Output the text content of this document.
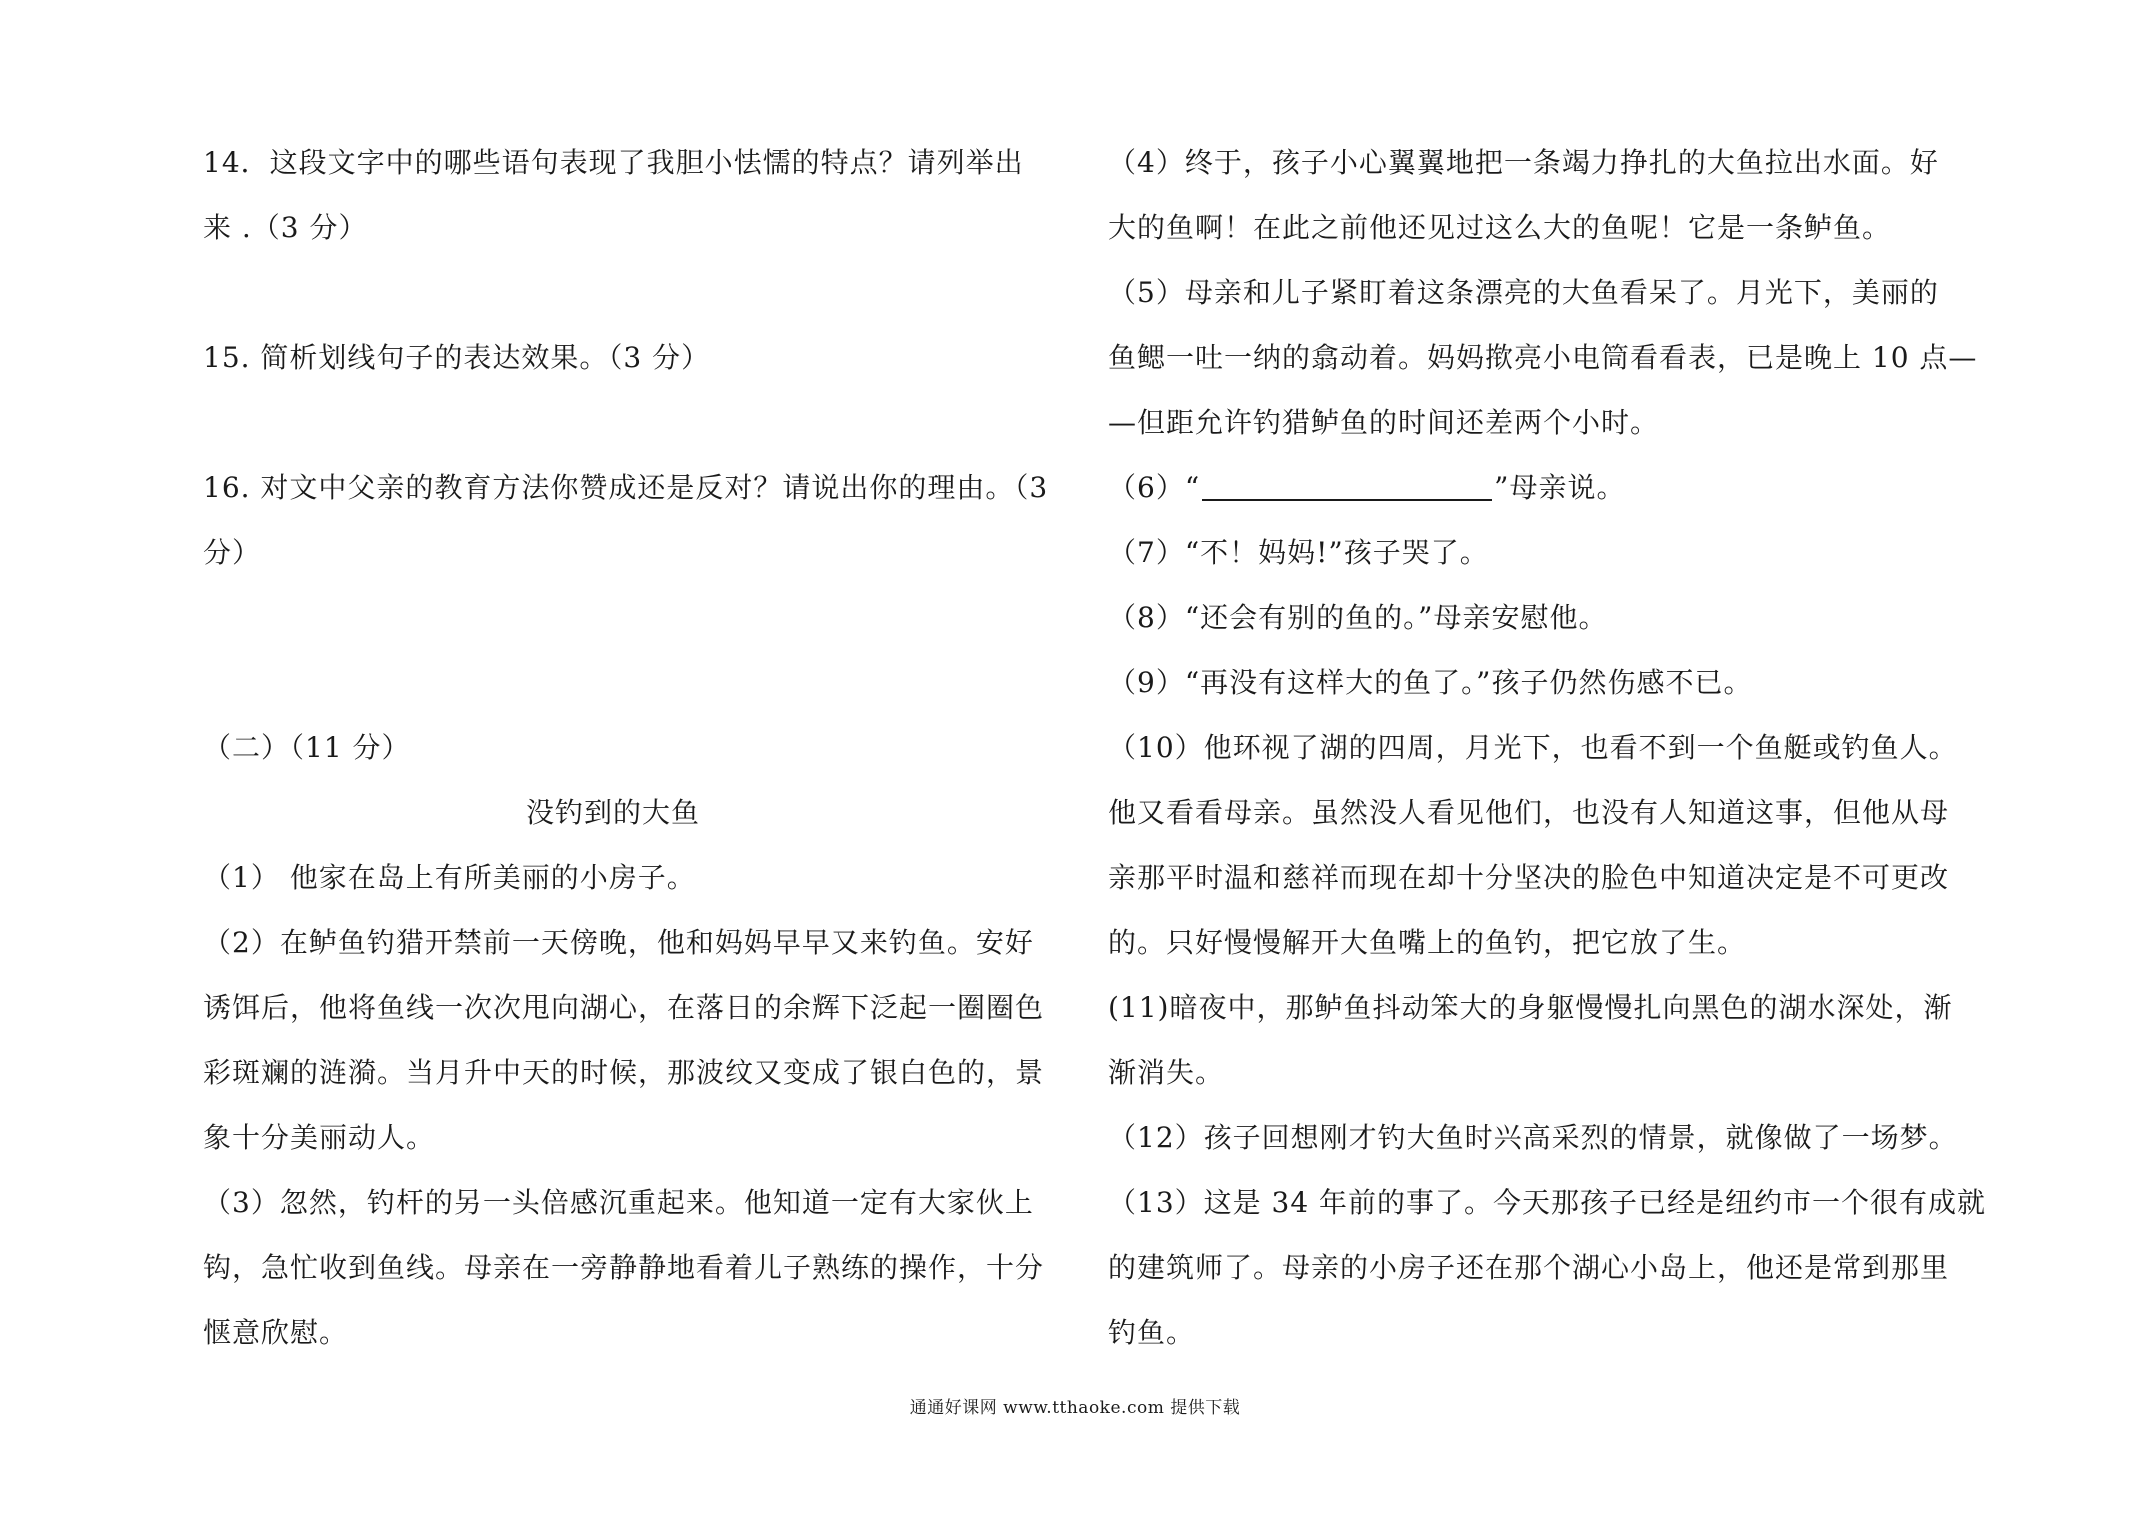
14．这段文字中的哪些语句表现了我胆小怯懦的特点？请列举出
来 .（3 分）
15. 简析划线句子的表达效果。（3 分）
16. 对文中父亲的教育方法你赞成还是反对？请说出你的理由。（3
分）
（二）（11 分）
没钓到的大鱼
（1） 他家在岛上有所美丽的小房子。
（2）在鲈鱼钓猎开禁前一天傍晚，他和妈妈早早又来钓鱼。安好
诱饵后，他将鱼线一次次甩向湖心，在落日的余辉下泛起一圈圈色
彩斑斓的涟漪。当月升中天的时候，那波纹又变成了银白色的，景
象十分美丽动人。
（3）忽然，钓杆的另一头倍感沉重起来。他知道一定有大家伙上
钩，急忙收到鱼线。母亲在一旁静静地看着儿子熟练的操作，十分
惬意欣慰。
（4）终于，孩子小心翼翼地把一条竭力挣扎的大鱼拉出水面。好
大的鱼啊！在此之前他还见过这么大的鱼呢！它是一条鲈鱼。
（5）母亲和儿子紧盯着这条漂亮的大鱼看呆了。月光下，美丽的
鱼鳃一吐一纳的翕动着。妈妈揿亮小电筒看看表，已是晚上 10 点—
—但距允许钓猎鲈鱼的时间还差两个小时。
（6）“	”母亲说。
（7）“不！妈妈!”孩子哭了。
（8）“还会有别的鱼的。”母亲安慰他。
（9）“再没有这样大的鱼了。”孩子仍然伤感不已。
（10）他环视了湖的四周，月光下，也看不到一个鱼艇或钓鱼人。
他又看看母亲。虽然没人看见他们，也没有人知道这事，但他从母
亲那平时温和慈祥而现在却十分坚决的脸色中知道决定是不可更改
的。只好慢慢解开大鱼嘴上的鱼钓，把它放了生。
(11)暗夜中，那鲈鱼抖动笨大的身躯慢慢扎向黑色的湖水深处，渐
渐消失。
（12）孩子回想刚才钓大鱼时兴高采烈的情景，就像做了一场梦。
（13）这是 34 年前的事了。今天那孩子已经是纽约市一个很有成就
的建筑师了。母亲的小房子还在那个湖心小岛上，他还是常到那里
钓鱼。
通通好课网 www.tthaoke.com 提供下载
